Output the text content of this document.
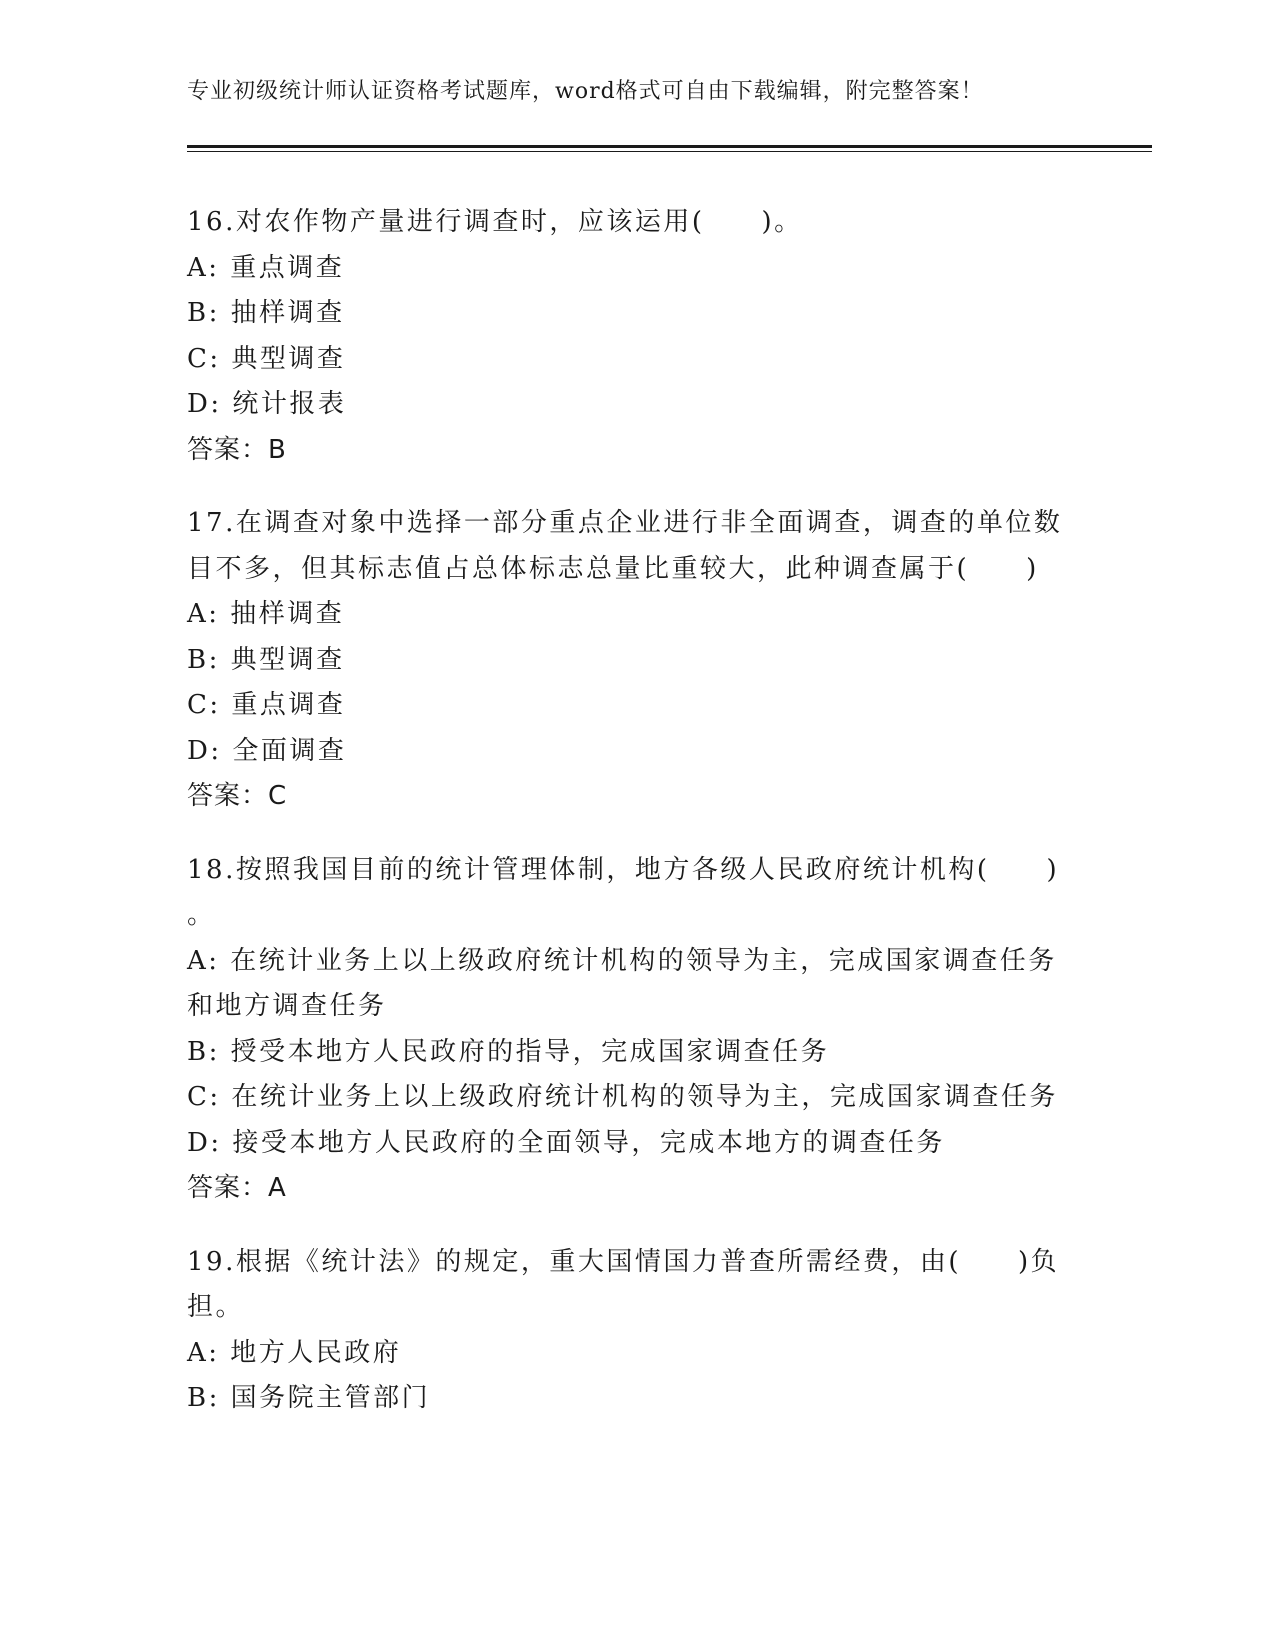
专业初级统计师认证资格考试题库，word格式可自由下载编辑，附完整答案！
16.对农作物产量进行调查时，应该运用(　　)。
A: 重点调查
B: 抽样调查
C: 典型调查
D: 统计报表
答案：B
17.在调查对象中选择一部分重点企业进行非全面调查，调查的单位数
目不多，但其标志值占总体标志总量比重较大，此种调查属于(　　)
A: 抽样调查
B: 典型调查
C: 重点调查
D: 全面调查
答案：C
18.按照我国目前的统计管理体制，地方各级人民政府统计机构(　　)
。
A: 在统计业务上以上级政府统计机构的领导为主，完成国家调查任务
和地方调查任务
B: 授受本地方人民政府的指导，完成国家调查任务
C: 在统计业务上以上级政府统计机构的领导为主，完成国家调查任务
D: 接受本地方人民政府的全面领导，完成本地方的调查任务
答案：A
19.根据《统计法》的规定，重大国情国力普查所需经费，由(　　)负
担。
A: 地方人民政府
B: 国务院主管部门
